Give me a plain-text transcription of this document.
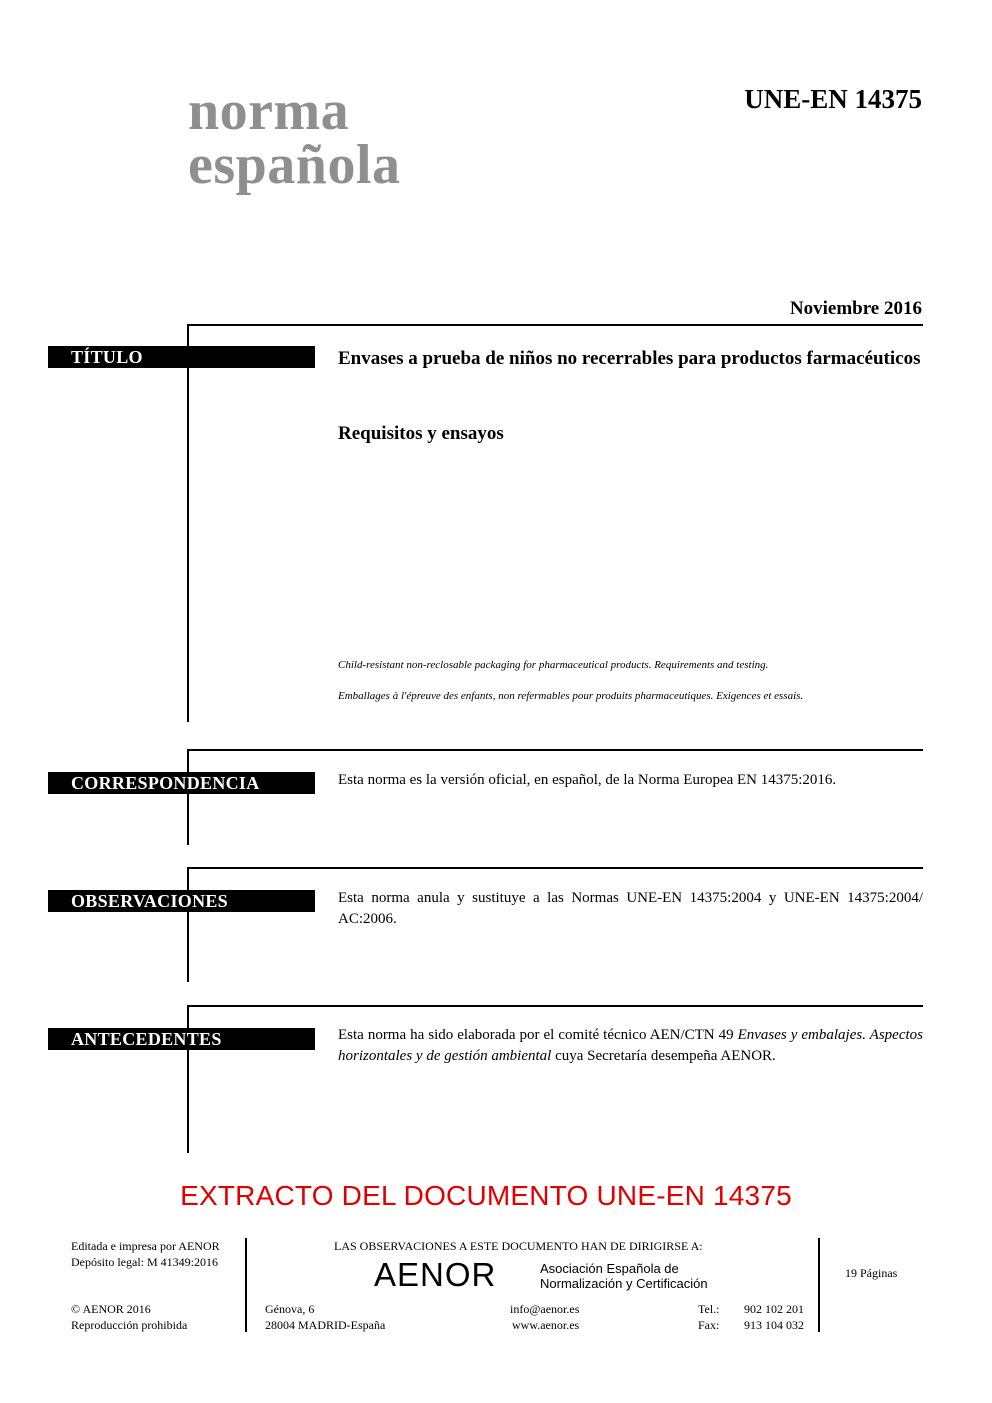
norma
española
UNE-EN 14375
Noviembre 2016
TÍTULO	Envases a prueba de niños no recerrables para productos farmacéuticos
Requisitos y ensayos
Child-resistant non-reclosable packaging for pharmaceutical products. Requirements and testing.
Emballages à l'épreuve des enfants, non refermables pour produits pharmaceutiques. Exigences et essais.
CORRESPONDENCIA	Esta norma es la versión oficial, en español, de la Norma Europea EN 14375:2016.
OBSERVACIONES	Esta norma anula y sustituye a las Normas UNE-EN 14375:2004 y UNE-EN 14375:2004/ AC:2006.
ANTECEDENTES	Esta norma ha sido elaborada por el comité técnico AEN/CTN 49 Envases y embalajes. Aspectos horizontales y de gestión ambiental cuya Secretaría desempeña AENOR.
EXTRACTO DEL DOCUMENTO UNE-EN 14375
Editada e impresa por AENOR
Depósito legal: M 41349:2016
© AENOR 2016
Reproducción prohibida
LAS OBSERVACIONES A ESTE DOCUMENTO HAN DE DIRIGIRSE A:
AENOR	Asociación Española de
Normalización y Certificación
Génova, 6
28004 MADRID-España
info@aenor.es
www.aenor.es
Tel.: 902 102 201
Fax: 913 104 032
19 Páginas
